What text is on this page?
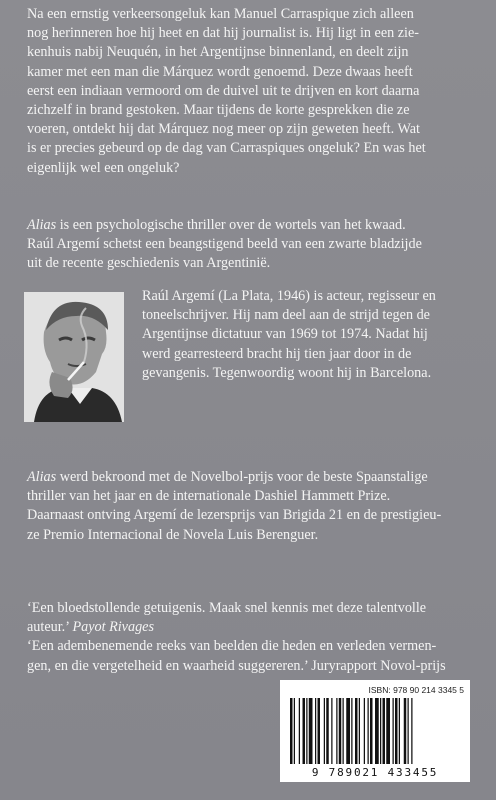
Na een ernstig verkeersongeluk kan Manuel Carraspique zich alleen

nog herinneren hoe hij heet en dat hij journalist is. Hij ligt in een zie-

kenhuis nabij Neuquén, in het Argentijnse binnenland, en deelt zijn

kamer met een man die Márquez wordt genoemd. Deze dwaas heeft

eerst een indiaan vermoord om de duivel uit te drijven en kort daarna

zichzelf in brand gestoken. Maar tijdens de korte gesprekken die ze

voeren, ontdekt hij dat Márquez nog meer op zijn geweten heeft. Wat

is er precies gebeurd op de dag van Carraspiques ongeluk? En was het

eigenlijk wel een ongeluk?

Alias is een psychologische thriller over de wortels van het kwaad.

Raúl Argemí schetst een beangstigend beeld van een zwarte bladzijde

uit de recente geschiedenis van Argentinië.

Raúl Argemí (La Plata, 1946) is acteur, regisseur en

toneelschrijver. Hij nam deel aan de strijd tegen de

Argentijnse dictatuur van 1969 tot 1974. Nadat hij

werd gearresteerd bracht hij tien jaar door in de

gevangenis. Tegenwoordig woont hij in Barcelona.

Alias werd bekroond met de Novelbol-prijs voor de beste Spaanstalige

thriller van het jaar en de internationale Dashiel Hammett Prize.

Daarnaast ontving Argemí de lezersprijs van Brigida 21 en de prestigieu-

ze Premio Internacional de Novela Luis Berenguer.

‘Een bloedstollende getuigenis. Maak snel kennis met deze talentvolle

auteur.’ Payot Rivages

‘Een adembenemende reeks van beelden die heden en verleden vermen-

gen, en die vergetelheid en waarheid suggereren.’ Juryrapport Novol-prijs

ISBN: 978 90 214 3345 5
9 789021 433455
